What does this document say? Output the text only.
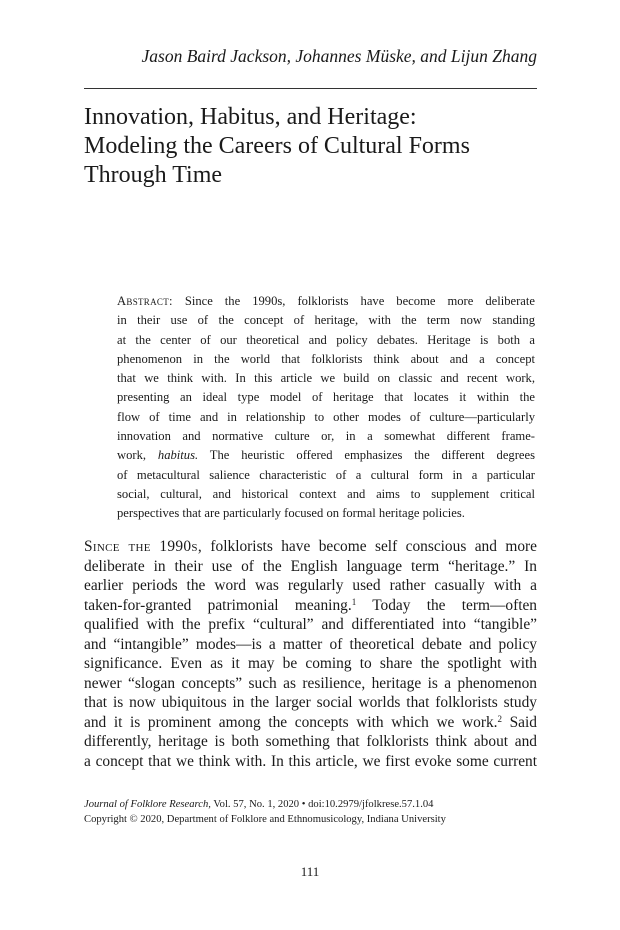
Jason Baird Jackson, Johannes Müske, and Lijun Zhang
Innovation, Habitus, and Heritage:
Modeling the Careers of Cultural Forms
Through Time
Abstract: Since the 1990s, folklorists have become more deliberate
in their use of the concept of heritage, with the term now standing
at the center of our theoretical and policy debates. Heritage is both a
phenomenon in the world that folklorists think about and a concept
that we think with. In this article we build on classic and recent work,
presenting an ideal type model of heritage that locates it within the
flow of time and in relationship to other modes of culture—particularly
innovation and normative culture or, in a somewhat different frame-
work, habitus. The heuristic offered emphasizes the different degrees
of metacultural salience characteristic of a cultural form in a particular
social, cultural, and historical context and aims to supplement critical
perspectives that are particularly focused on formal heritage policies.
Since the 1990s, folklorists have become self conscious and more
deliberate in their use of the English language term “heritage.” In
earlier periods the word was regularly used rather casually with a
taken-for-granted patrimonial meaning.$^1$ Today the term—often
qualified with the prefix “cultural” and differentiated into “tangible”
and “intangible” modes—is a matter of theoretical debate and policy
significance. Even as it may be coming to share the spotlight with
newer “slogan concepts” such as resilience, heritage is a phenomenon
that is now ubiquitous in the larger social worlds that folklorists study
and it is prominent among the concepts with which we work.$^2$ Said
differently, heritage is both something that folklorists think about and
a concept that we think with. In this article, we first evoke some current
Journal of Folklore Research, Vol. 57, No. 1, 2020 • doi:10.2979/jfolkrese.57.1.04
Copyright © 2020, Department of Folklore and Ethnomusicology, Indiana University
111
